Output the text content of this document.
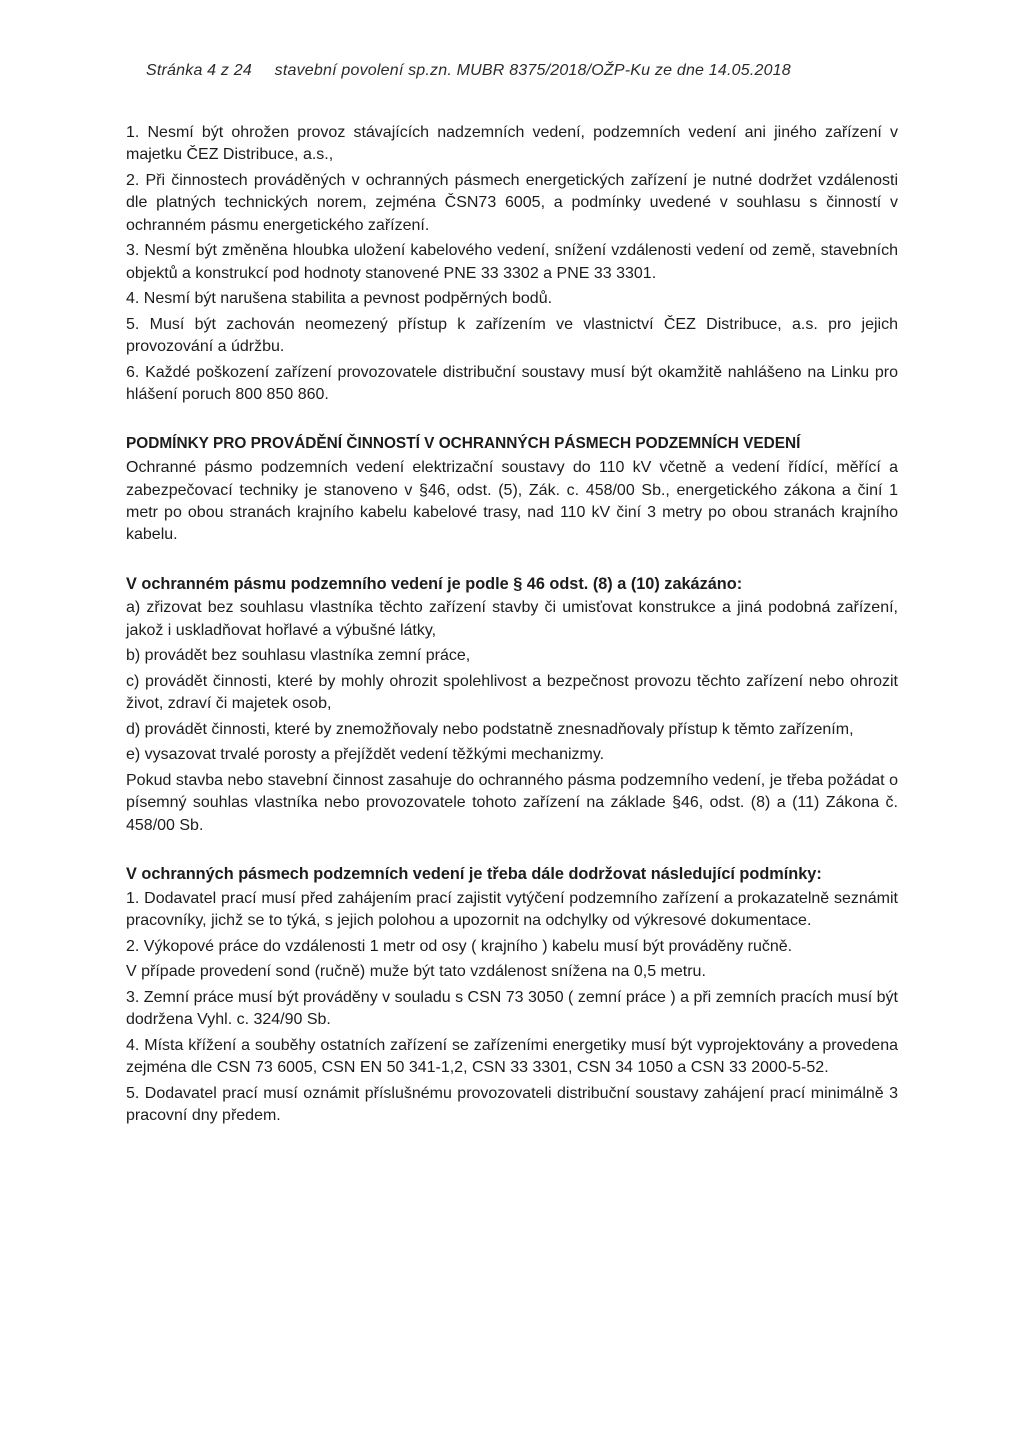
Stránka 4 z 24 stavební povolení sp.zn. MUBR 8375/2018/OŽP-Ku ze dne 14.05.2018

1. Nesmí být ohrožen provoz stávajících nadzemních vedení, podzemních vedení ani jiného zařízení v majetku ČEZ Distribuce, a.s.,

2. Při činnostech prováděných v ochranných pásmech energetických zařízení je nutné dodržet vzdálenosti dle platných technických norem, zejména ČSN73 6005, a podmínky uvedené v souhlasu s činností v ochranném pásmu energetického zařízení.

3. Nesmí být změněna hloubka uložení kabelového vedení, snížení vzdálenosti vedení od země, stavebních objektů a konstrukcí pod hodnoty stanovené PNE 33 3302 a PNE 33 3301.

4. Nesmí být narušena stabilita a pevnost podpěrných bodů.

5. Musí být zachován neomezený přístup k zařízením ve vlastnictví ČEZ Distribuce, a.s. pro jejich provozování a údržbu.

6. Každé poškození zařízení provozovatele distribuční soustavy musí být okamžitě nahlášeno na Linku pro hlášení poruch 800 850 860.

PODMÍNKY PRO PROVÁDĚNÍ ČINNOSTÍ V OCHRANNÝCH PÁSMECH PODZEMNÍCH VEDENÍ

Ochranné pásmo podzemních vedení elektrizační soustavy do 110 kV včetně a vedení řídící, měřící a zabezpečovací techniky je stanoveno v §46, odst. (5), Zák. c. 458/00 Sb., energetického zákona a činí 1 metr po obou stranách krajního kabelu kabelové trasy, nad 110 kV činí 3 metry po obou stranách krajního kabelu.

V ochranném pásmu podzemního vedení je podle § 46 odst. (8) a (10) zakázáno:

a) zřizovat bez souhlasu vlastníka těchto zařízení stavby či umisťovat konstrukce a jiná podobná zařízení, jakož i uskladňovat hořlavé a výbušné látky,

b) provádět bez souhlasu vlastníka zemní práce,

c) provádět činnosti, které by mohly ohrozit spolehlivost a bezpečnost provozu těchto zařízení nebo ohrozit život, zdraví či majetek osob,

d) provádět činnosti, které by znemožňovaly nebo podstatně znesnadňovaly přístup k těmto zařízením,

e) vysazovat trvalé porosty a přejíždět vedení těžkými mechanizmy.

Pokud stavba nebo stavební činnost zasahuje do ochranného pásma podzemního vedení, je třeba požádat o písemný souhlas vlastníka nebo provozovatele tohoto zařízení na základe §46, odst. (8) a (11) Zákona č. 458/00 Sb.

V ochranných pásmech podzemních vedení je třeba dále dodržovat následující podmínky:

1. Dodavatel prací musí před zahájením prací zajistit vytýčení podzemního zařízení a prokazatelně seznámit pracovníky, jichž se to týká, s jejich polohou a upozornit na odchylky od výkresové dokumentace.

2. Výkopové práce do vzdálenosti 1 metr od osy ( krajního ) kabelu musí být prováděny ručně.

V případe provedení sond (ručně) muže být tato vzdálenost snížena na 0,5 metru.

3. Zemní práce musí být prováděny v souladu s CSN 73 3050 ( zemní práce ) a při zemních pracích musí být dodržena Vyhl. c. 324/90 Sb.

4. Místa křížení a souběhy ostatních zařízení se zařízeními energetiky musí být vyprojektovány a provedena zejména dle CSN 73 6005, CSN EN 50 341-1,2, CSN 33 3301, CSN 34 1050 a CSN 33 2000-5-52.

5. Dodavatel prací musí oznámit příslušnému provozovateli distribuční soustavy zahájení prací minimálně 3 pracovní dny předem.
